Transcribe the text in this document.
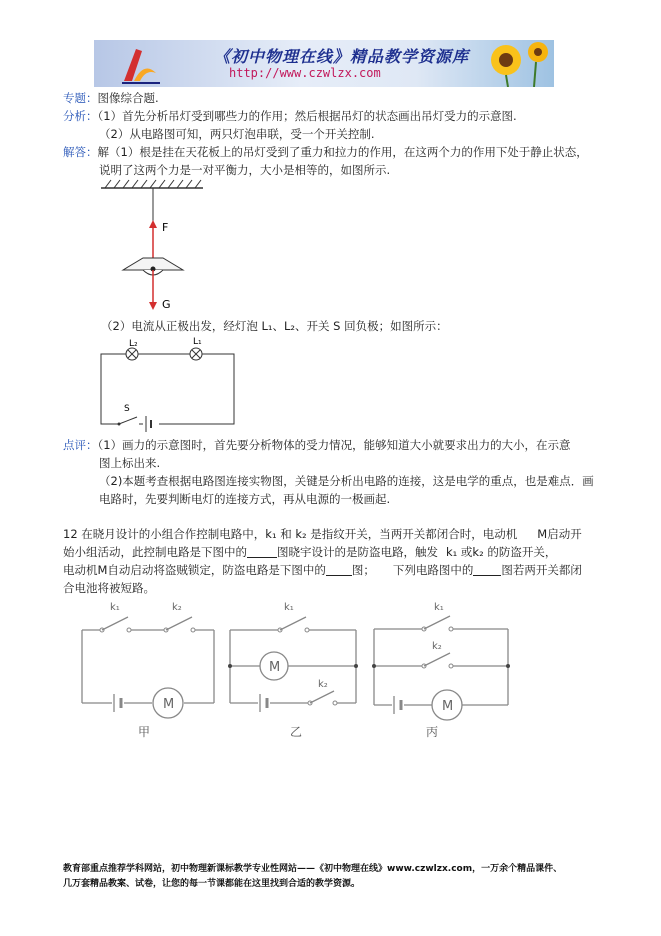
《初中物理在线》精品教学资源库
http://www.czwlzx.com
专题：图像综合题.
分析：（1）首先分析吊灯受到哪些力的作用；然后根据吊灯的状态画出吊灯受力的示意图.
（2）从电路图可知，两只灯泡串联，受一个开关控制.
解答：解（1）根是挂在天花板上的吊灯受到了重力和拉力的作用，在这两个力的作用下处于静止状态，
说明了这两个力是一对平衡力，大小是相等的，如图所示.
F
G
（2）电流从正极出发，经灯泡 L₁、L₂、开关 S 回负极；如图所示：
L₂	L₁
S
点评：（1）画力的示意图时，首先要分析物体的受力情况，能够知道大小就要求出力的大小，在示意
图上标出来.
（2)本题考查根据电路图连接实物图，关键是分析出电路的连接，这是电学的重点，也是难点．画
电路时，先要判断电灯的连接方式，再从电源的一极画起.
12 在晓月设计的小组合作控制电路中，k₁ 和 k₂ 是指纹开关，当两开关都闭合时，电动机 M启动开
始小组活动，此控制电路是下图中的	图晓宇设计的是防盗电路，触发 k₁ 或k₂ 的防盗开关，
电动机M自动启动将盗贼锁定，防盗电路是下图中的 图； 下列电路图中的 图若两开关都闭
合电池将被短路。
k₁	k₂
M
甲
k₁
M
k₂
乙
k₁
k₂
M
丙
教育部重点推荐学科网站，初中物理新课标教学专业性网站——《初中物理在线》www.czwlzx.com，一万余个精品课件、
几万套精品教案、试卷，让您的每一节课都能在这里找到合适的教学资源。
